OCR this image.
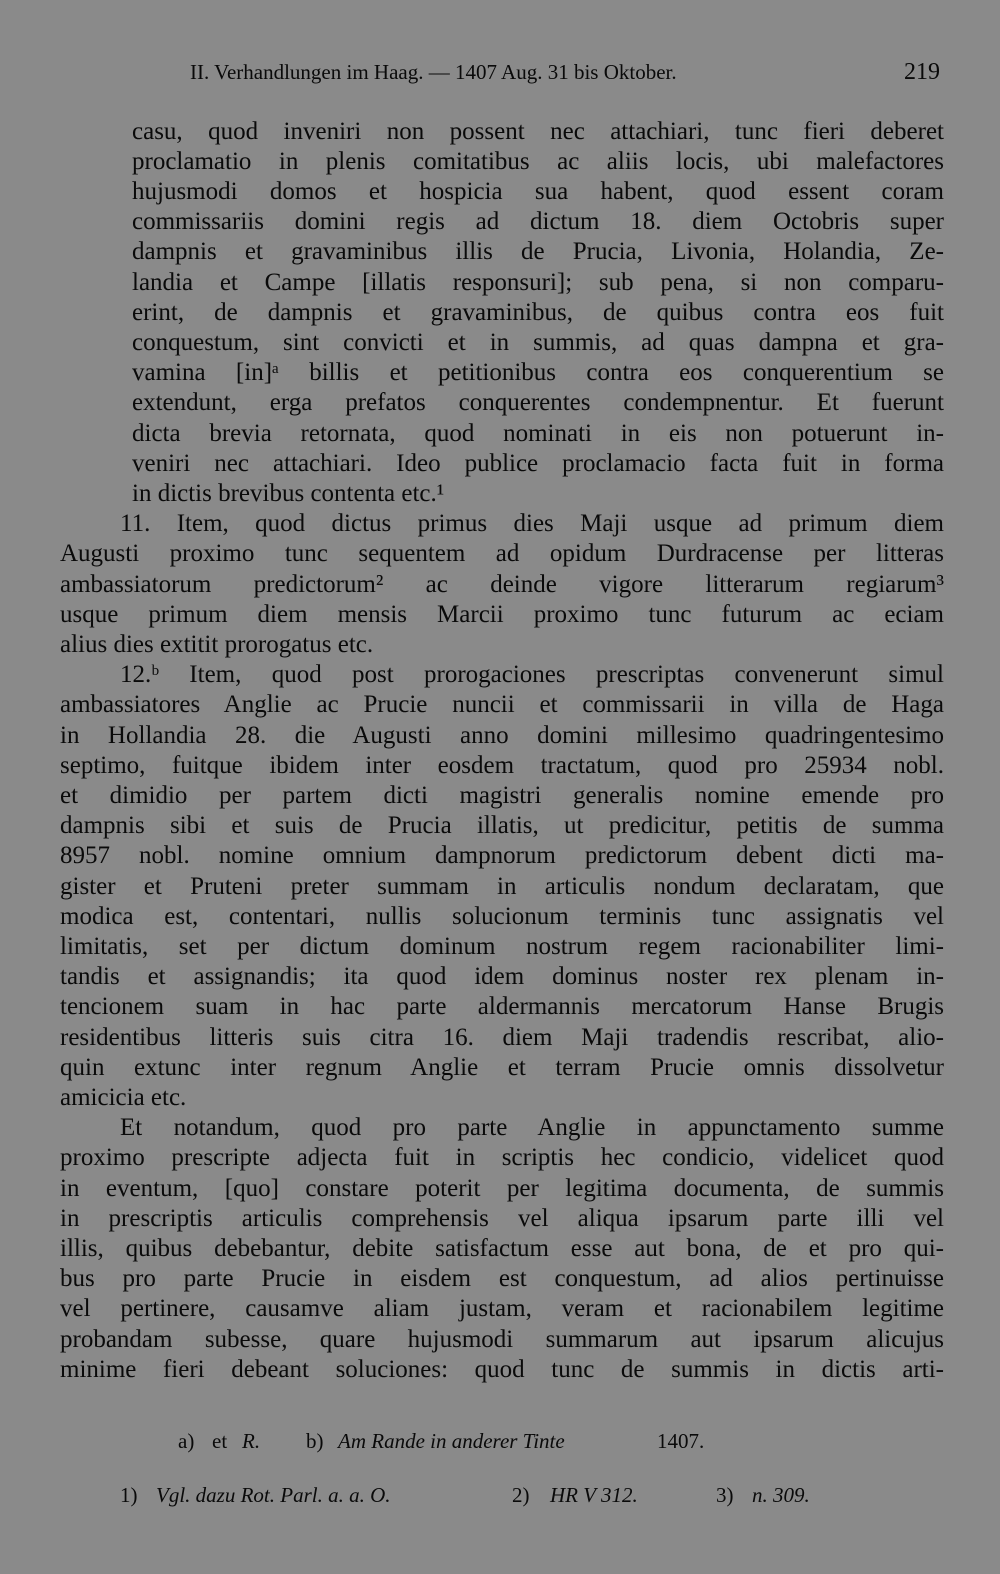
II. Verhandlungen im Haag. — 1407 Aug. 31 bis Oktober.	219
casu, quod inveniri non possent nec attachiari, tunc fieri deberet
proclamatio in plenis comitatibus ac aliis locis, ubi malefactores
hujusmodi domos et hospicia sua habent, quod essent coram
commissariis domini regis ad dictum 18. diem Octobris super
dampnis et gravaminibus illis de Prucia, Livonia, Holandia, Ze-
landia et Campe [illatis responsuri]; sub pena, si non comparu-
erint, de dampnis et gravaminibus, de quibus contra eos fuit
conquestum, sint convicti et in summis, ad quas dampna et gra-
vamina [in]ᵃ billis et petitionibus contra eos conquerentium se
extendunt, erga prefatos conquerentes condempnentur. Et fuerunt
dicta brevia retornata, quod nominati in eis non potuerunt in-
veniri nec attachiari. Ideo publice proclamacio facta fuit in forma
in dictis brevibus contenta etc.¹
11. Item, quod dictus primus dies Maji usque ad primum diem
Augusti proximo tunc sequentem ad opidum Durdracense per litteras
ambassiatorum predictorum² ac deinde vigore litterarum regiarum³
usque primum diem mensis Marcii proximo tunc futurum ac eciam
alius dies extitit prorogatus etc.
12.ᵇ Item, quod post prorogaciones prescriptas convenerunt simul
ambassiatores Anglie ac Prucie nuncii et commissarii in villa de Haga
in Hollandia 28. die Augusti anno domini millesimo quadringentesimo
septimo, fuitque ibidem inter eosdem tractatum, quod pro 25934 nobl.
et dimidio per partem dicti magistri generalis nomine emende pro
dampnis sibi et suis de Prucia illatis, ut predicitur, petitis de summa
8957 nobl. nomine omnium dampnorum predictorum debent dicti ma-
gister et Pruteni preter summam in articulis nondum declaratam, que
modica est, contentari, nullis solucionum terminis tunc assignatis vel
limitatis, set per dictum dominum nostrum regem racionabiliter limi-
tandis et assignandis; ita quod idem dominus noster rex plenam in-
tencionem suam in hac parte aldermannis mercatorum Hanse Brugis
residentibus litteris suis citra 16. diem Maji tradendis rescribat, alio-
quin extunc inter regnum Anglie et terram Prucie omnis dissolvetur
amicicia etc.
Et notandum, quod pro parte Anglie in appunctamento summe
proximo prescripte adjecta fuit in scriptis hec condicio, videlicet quod
in eventum, [quo] constare poterit per legitima documenta, de summis
in prescriptis articulis comprehensis vel aliqua ipsarum parte illi vel
illis, quibus debebantur, debite satisfactum esse aut bona, de et pro qui-
bus pro parte Prucie in eisdem est conquestum, ad alios pertinuisse
vel pertinere, causamve aliam justam, veram et racionabilem legitime
probandam subesse, quare hujusmodi summarum aut ipsarum alicujus
minime fieri debeant soluciones: quod tunc de summis in dictis arti-
a) et R. b) Am Rande in anderer Tinte	1407.
1) Vgl. dazu Rot. Parl. a. a. O.	2) HR V 312.	3) n. 309.
